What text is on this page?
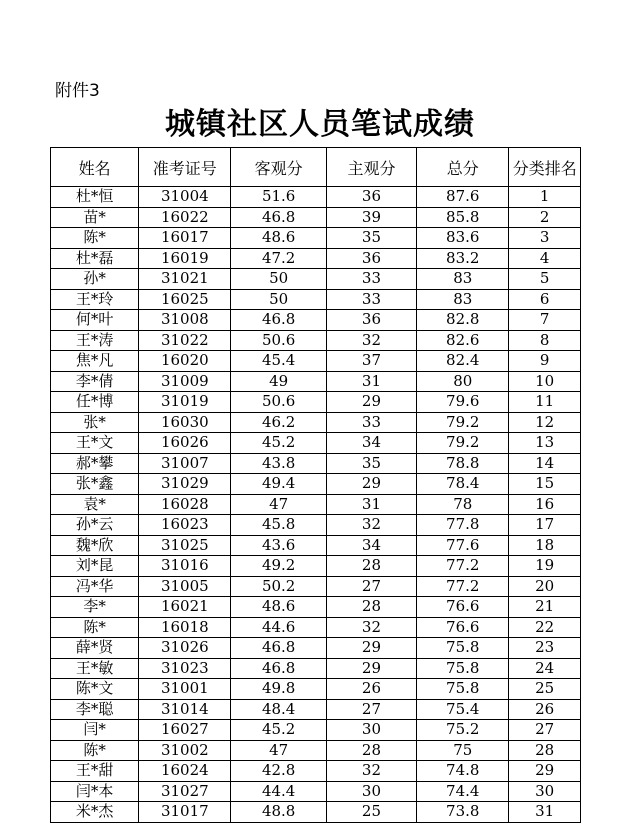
附件3
城镇社区人员笔试成绩
姓名	准考证号	客观分	主观分	总分	分类排名
杜*恒	31004	51.6	36	87.6	1
苗*	16022	46.8	39	85.8	2
陈*	16017	48.6	35	83.6	3
杜*磊	16019	47.2	36	83.2	4
孙*	31021	50	33	83	5
王*玲	16025	50	33	83	6
何*叶	31008	46.8	36	82.8	7
王*涛	31022	50.6	32	82.6	8
焦*凡	16020	45.4	37	82.4	9
李*倩	31009	49	31	80	10
任*博	31019	50.6	29	79.6	11
张*	16030	46.2	33	79.2	12
王*文	16026	45.2	34	79.2	13
郝*攀	31007	43.8	35	78.8	14
张*鑫	31029	49.4	29	78.4	15
袁*	16028	47	31	78	16
孙*云	16023	45.8	32	77.8	17
魏*欣	31025	43.6	34	77.6	18
刘*昆	31016	49.2	28	77.2	19
冯*华	31005	50.2	27	77.2	20
李*	16021	48.6	28	76.6	21
陈*	16018	44.6	32	76.6	22
薛*贤	31026	46.8	29	75.8	23
王*敏	31023	46.8	29	75.8	24
陈*文	31001	49.8	26	75.8	25
李*聪	31014	48.4	27	75.4	26
闫*	16027	45.2	30	75.2	27
陈*	31002	47	28	75	28
王*甜	16024	42.8	32	74.8	29
闫*本	31027	44.4	30	74.4	30
米*杰	31017	48.8	25	73.8	31
